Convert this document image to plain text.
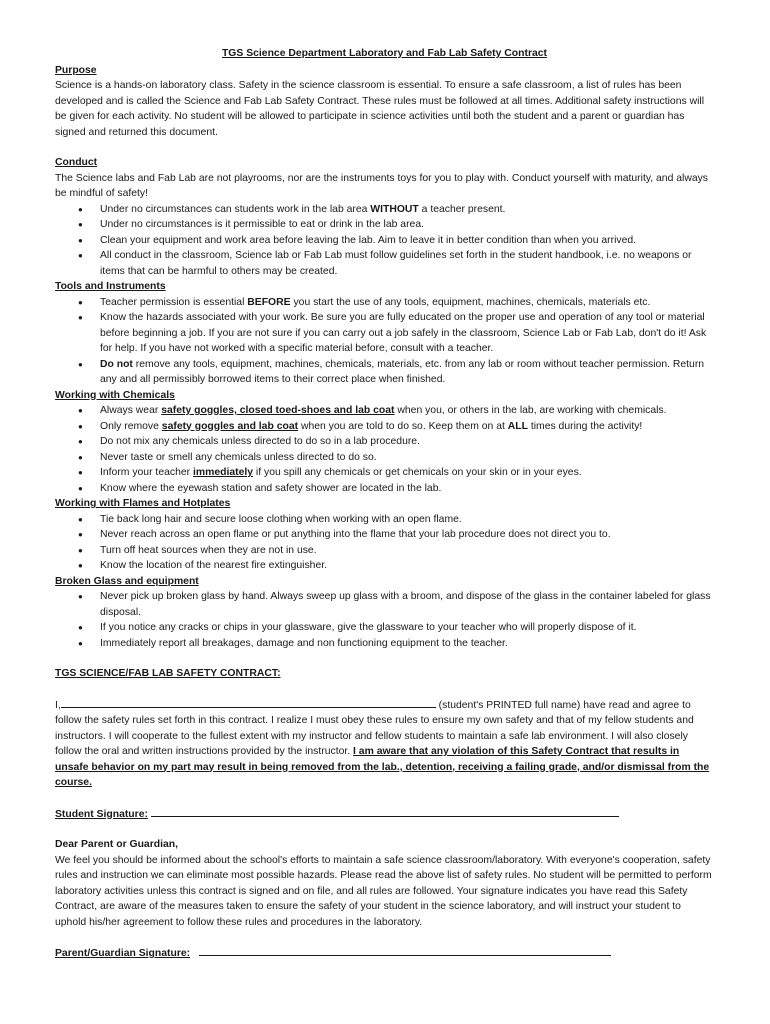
TGS Science Department Laboratory and Fab Lab Safety Contract

Purpose

Science is a hands-on laboratory class. Safety in the science classroom is essential. To ensure a safe classroom, a list of rules has been developed and is called the Science and Fab Lab Safety Contract. These rules must be followed at all times. Additional safety instructions will be given for each activity. No student will be allowed to participate in science activities until both the student and a parent or guardian has signed and returned this document.

Conduct

The Science labs and Fab Lab are not playrooms, nor are the instruments toys for you to play with. Conduct yourself with maturity, and always be mindful of safety!

● Under no circumstances can students work in the lab area WITHOUT a teacher present.
● Under no circumstances is it permissible to eat or drink in the lab area.
● Clean your equipment and work area before leaving the lab. Aim to leave it in better condition than when you arrived.
● All conduct in the classroom, Science lab or Fab Lab must follow guidelines set forth in the student handbook, i.e. no weapons or items that can be harmful to others may be created.

Tools and Instruments

● Teacher permission is essential BEFORE you start the use of any tools, equipment, machines, chemicals, materials etc.
● Know the hazards associated with your work. Be sure you are fully educated on the proper use and operation of any tool or material before beginning a job. If you are not sure if you can carry out a job safely in the classroom, Science Lab or Fab Lab, don't do it! Ask for help. If you have not worked with a specific material before, consult with a teacher.
● Do not remove any tools, equipment, machines, chemicals, materials, etc. from any lab or room without teacher permission. Return any and all permissibly borrowed items to their correct place when finished.

Working with Chemicals

● Always wear safety goggles, closed toed-shoes and lab coat when you, or others in the lab, are working with chemicals.
● Only remove safety goggles and lab coat when you are told to do so. Keep them on at ALL times during the activity!
● Do not mix any chemicals unless directed to do so in a lab procedure.
● Never taste or smell any chemicals unless directed to do so.
● Inform your teacher immediately if you spill any chemicals or get chemicals on your skin or in your eyes.
● Know where the eyewash station and safety shower are located in the lab.

Working with Flames and Hotplates

● Tie back long hair and secure loose clothing when working with an open flame.
● Never reach across an open flame or put anything into the flame that your lab procedure does not direct you to.
● Turn off heat sources when they are not in use.
● Know the location of the nearest fire extinguisher.

Broken Glass and equipment

● Never pick up broken glass by hand. Always sweep up glass with a broom, and dispose of the glass in the container labeled for glass disposal.
● If you notice any cracks or chips in your glassware, give the glassware to your teacher who will properly dispose of it.
● Immediately report all breakages, damage and non functioning equipment to the teacher.

TGS SCIENCE/FAB LAB SAFETY CONTRACT:

I,	(student's PRINTED full name) have read and agree to follow the safety rules set forth in this contract. I realize I must obey these rules to ensure my own safety and that of my fellow students and instructors. I will cooperate to the fullest extent with my instructor and fellow students to maintain a safe lab environment. I will also closely follow the oral and written instructions provided by the instructor. I am aware that any violation of this Safety Contract that results in unsafe behavior on my part may result in being removed from the lab., detention, receiving a failing grade, and/or dismissal from the course.

Student Signature:

Dear Parent or Guardian,

We feel you should be informed about the school's efforts to maintain a safe science classroom/laboratory. With everyone's cooperation, safety rules and instruction we can eliminate most possible hazards. Please read the above list of safety rules. No student will be permitted to perform laboratory activities unless this contract is signed and on file, and all rules are followed. Your signature indicates you have read this Safety Contract, are aware of the measures taken to ensure the safety of your student in the science laboratory, and will instruct your student to uphold his/her agreement to follow these rules and procedures in the laboratory.

Parent/Guardian Signature:
